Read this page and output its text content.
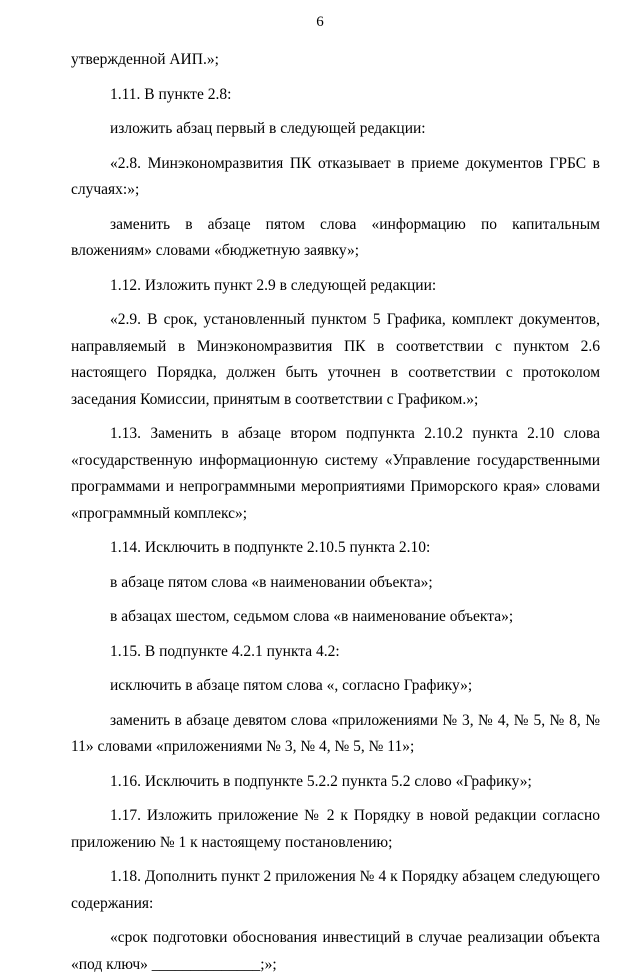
6

утвержденной АИП.»;

1.11. В пункте 2.8:

изложить абзац первый в следующей редакции:

«2.8. Минэкономразвития ПК отказывает в приеме документов ГРБС в случаях:»;

заменить в абзаце пятом слова «информацию по капитальным вложениям» словами «бюджетную заявку»;

1.12. Изложить пункт 2.9 в следующей редакции:

«2.9. В срок, установленный пунктом 5 Графика, комплект документов, направляемый в Минэкономразвития ПК в соответствии с пунктом 2.6 настоящего Порядка, должен быть уточнен в соответствии с протоколом заседания Комиссии, принятым в соответствии с Графиком.»;

1.13. Заменить в абзаце втором подпункта 2.10.2 пункта 2.10 слова «государственную информационную систему «Управление государственными программами и непрограммными мероприятиями Приморского края» словами «программный комплекс»;

1.14. Исключить в подпункте 2.10.5 пункта 2.10:

в абзаце пятом слова «в наименовании объекта»;

в абзацах шестом, седьмом слова «в наименование объекта»;

1.15. В подпункте 4.2.1 пункта 4.2:

исключить в абзаце пятом слова «, согласно Графику»;

заменить в абзаце девятом слова «приложениями № 3, № 4, № 5, № 8, № 11» словами «приложениями № 3, № 4, № 5, № 11»;

1.16. Исключить в подпункте 5.2.2 пункта 5.2 слово «Графику»;

1.17. Изложить приложение № 2 к Порядку в новой редакции согласно приложению № 1 к настоящему постановлению;

1.18. Дополнить пункт 2 приложения № 4 к Порядку абзацем следующего содержания:

«срок подготовки обоснования инвестиций в случае реализации объекта «под ключ» ______________;»;
